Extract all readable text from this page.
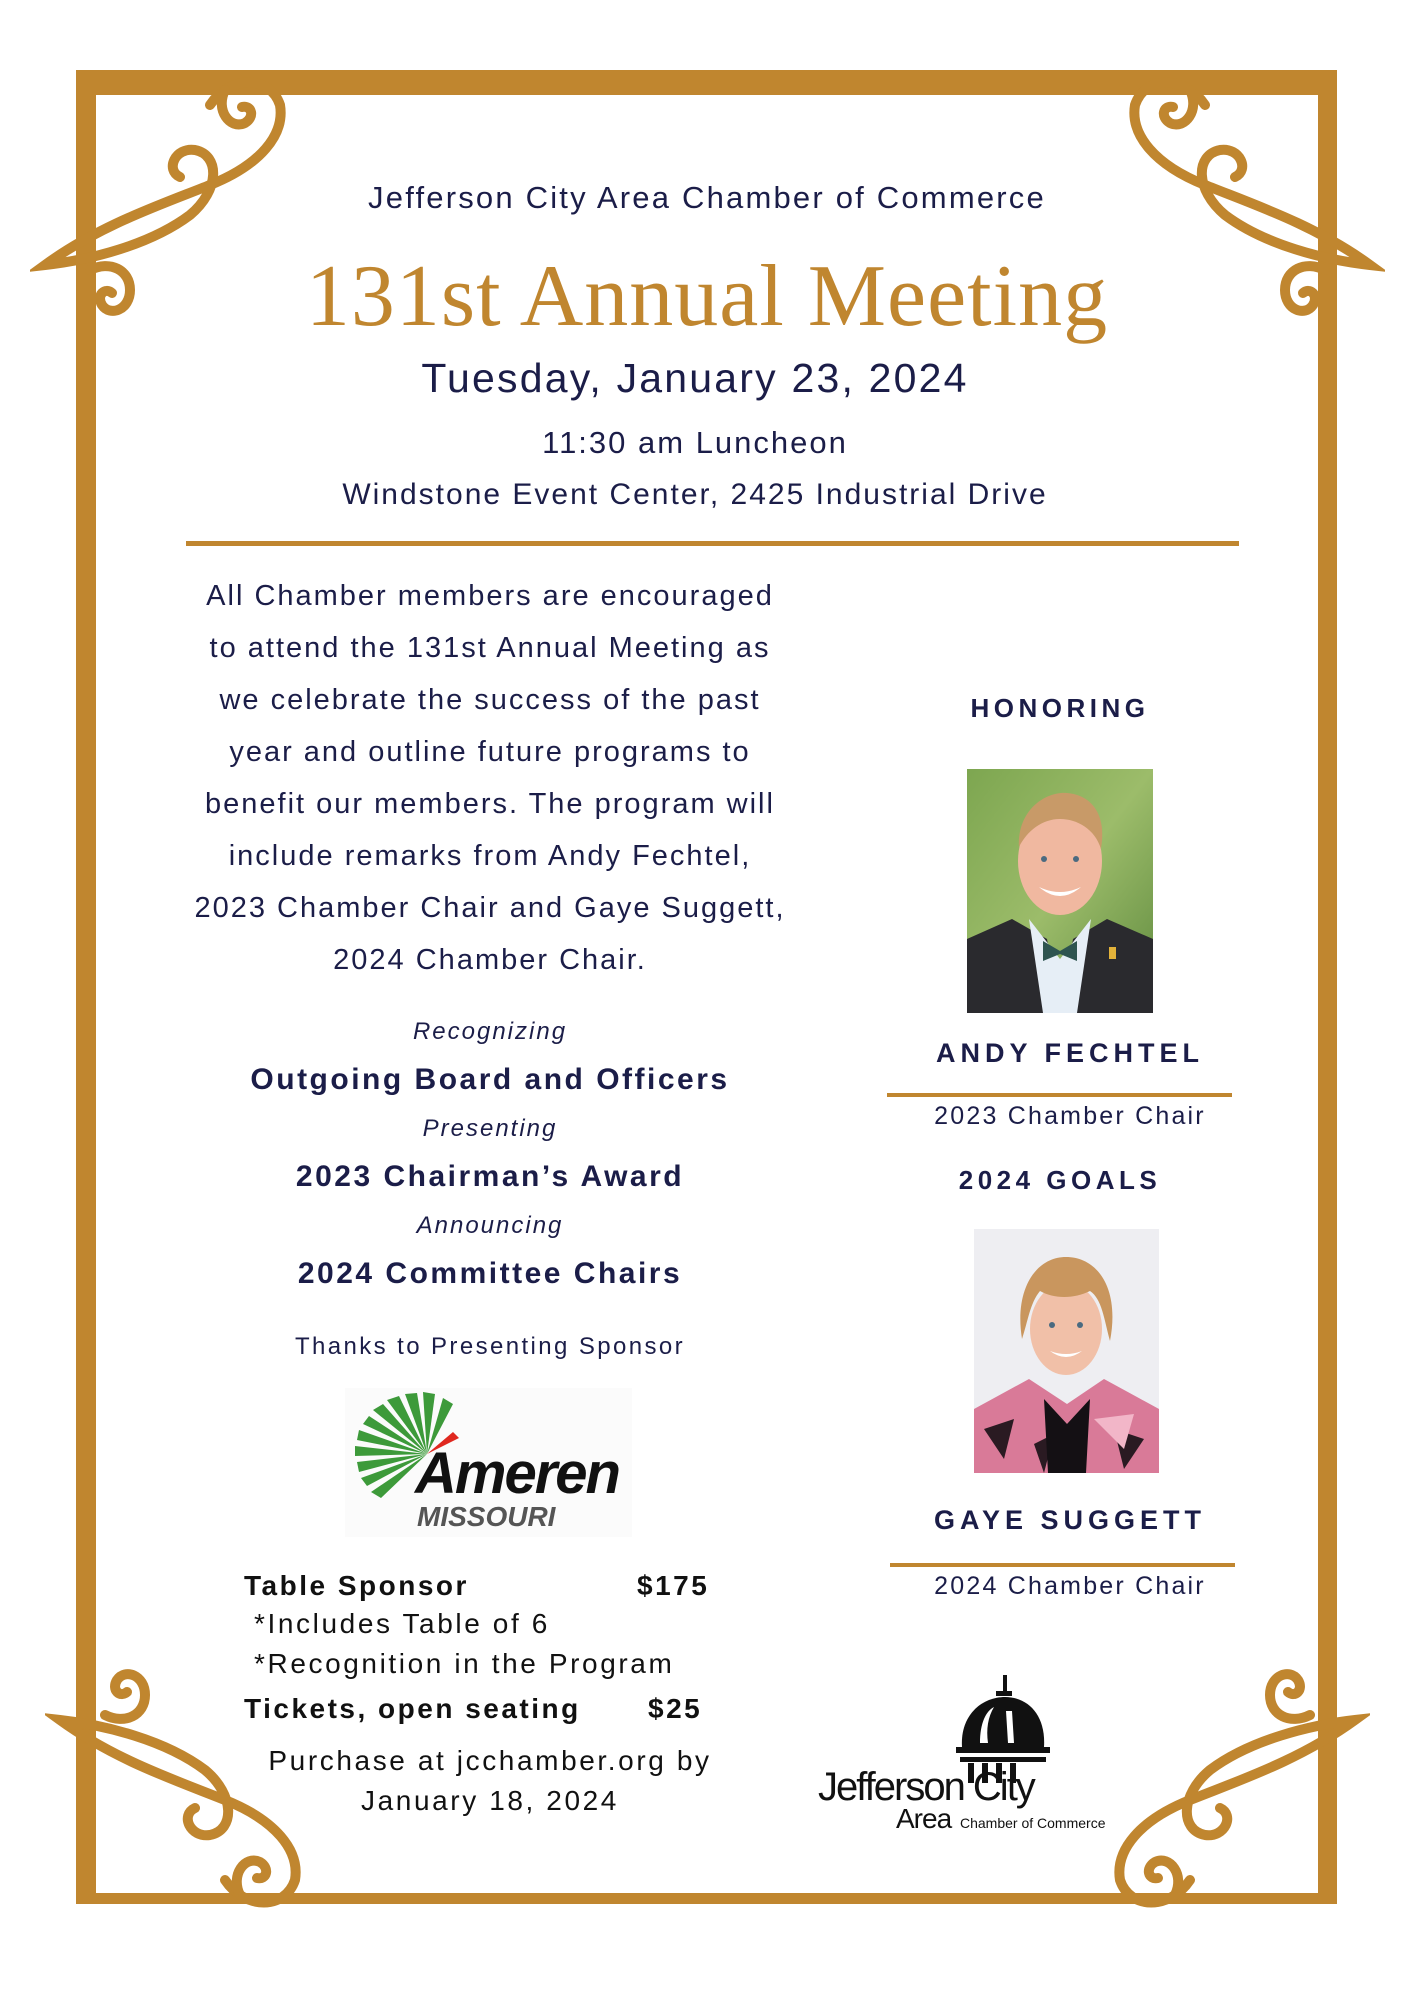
Jefferson City Area Chamber of Commerce
131st Annual Meeting
Tuesday, January 23, 2024
11:30 am Luncheon
Windstone Event Center, 2425 Industrial Drive
All Chamber members are encouraged
to attend the 131st Annual Meeting as
we celebrate the success of the past
year and outline future programs to
benefit our members. The program will
include remarks from Andy Fechtel,
2023 Chamber Chair and Gaye Suggett,
2024 Chamber Chair.
Recognizing
Outgoing Board and Officers
Presenting
2023 Chairman’s Award
Announcing
2024 Committee Chairs
Thanks to Presenting Sponsor
Ameren
MISSOURI
Table Sponsor	$175
*Includes Table of 6
*Recognition in the Program
Tickets, open seating $25
Purchase at jcchamber.org by
January 18, 2024
HONORING
ANDY FECHTEL
2023 Chamber Chair
2024 GOALS
GAYE SUGGETT
2024 Chamber Chair
Jefferson City
Area Chamber of Commerce
